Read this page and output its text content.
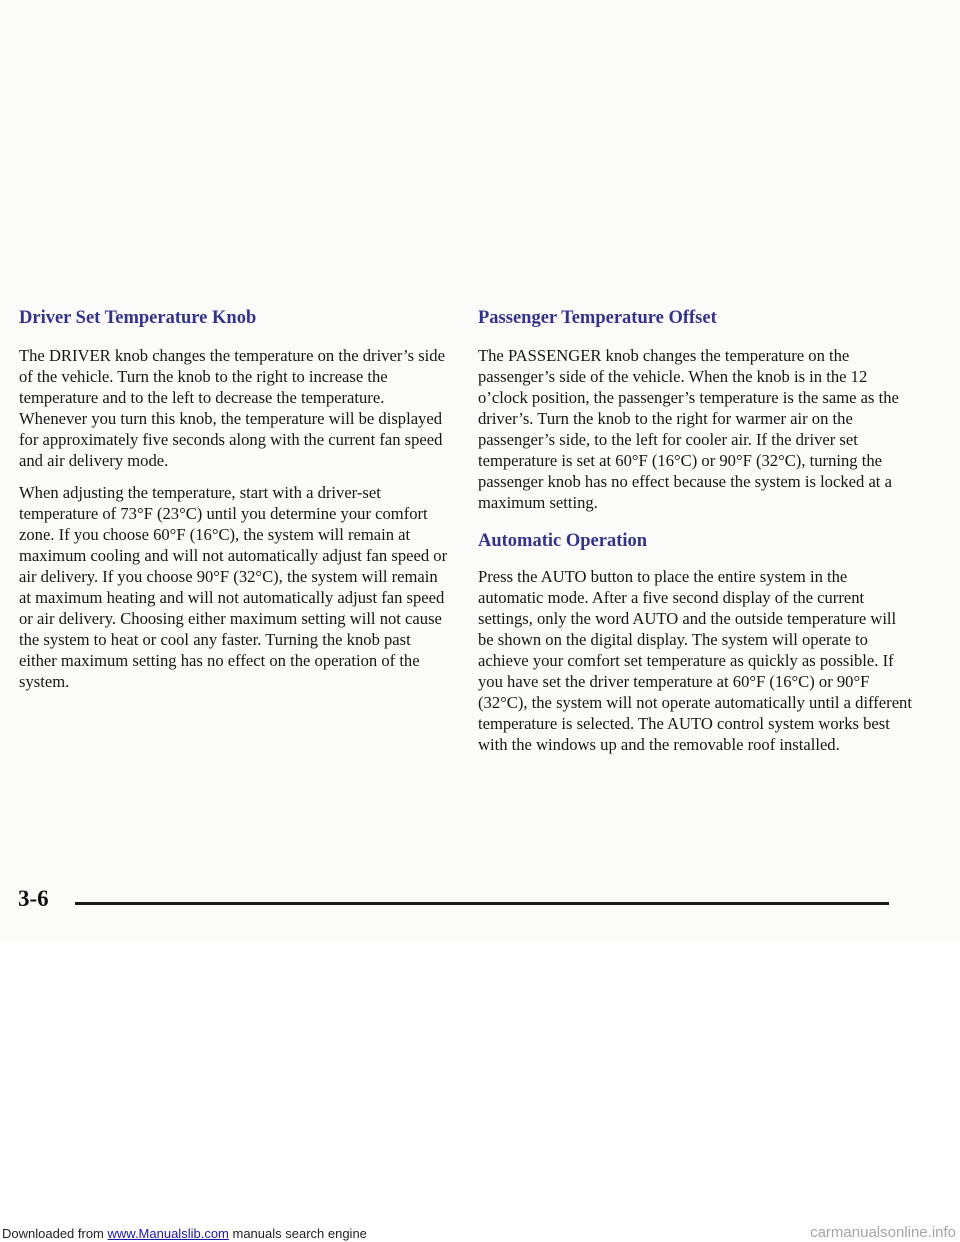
Driver Set Temperature Knob

The DRIVER knob changes the temperature on the driver’s side of the vehicle. Turn the knob to the right to increase the temperature and to the left to decrease the temperature. Whenever you turn this knob, the temperature will be displayed for approximately five seconds along with the current fan speed and air delivery mode.

When adjusting the temperature, start with a driver-set temperature of 73°F (23°C) until you determine your comfort zone. If you choose 60°F (16°C), the system will remain at maximum cooling and will not automatically adjust fan speed or air delivery. If you choose 90°F (32°C), the system will remain at maximum heating and will not automatically adjust fan speed or air delivery. Choosing either maximum setting will not cause the system to heat or cool any faster. Turning the knob past either maximum setting has no effect on the operation of the system.

Passenger Temperature Offset

The PASSENGER knob changes the temperature on the passenger’s side of the vehicle. When the knob is in the 12 o’clock position, the passenger’s temperature is the same as the driver’s. Turn the knob to the right for warmer air on the passenger’s side, to the left for cooler air. If the driver set temperature is set at 60°F (16°C) or 90°F (32°C), turning the passenger knob has no effect because the system is locked at a maximum setting.

Automatic Operation

Press the AUTO button to place the entire system in the automatic mode. After a five second display of the current settings, only the word AUTO and the outside temperature will be shown on the digital display. The system will operate to achieve your comfort set temperature as quickly as possible. If you have set the driver temperature at 60°F (16°C) or 90°F (32°C), the system will not operate automatically until a different temperature is selected. The AUTO control system works best with the windows up and the removable roof installed.

3-6
Downloaded from www.Manualslib.com manuals search engine	carmanualsonline.info
